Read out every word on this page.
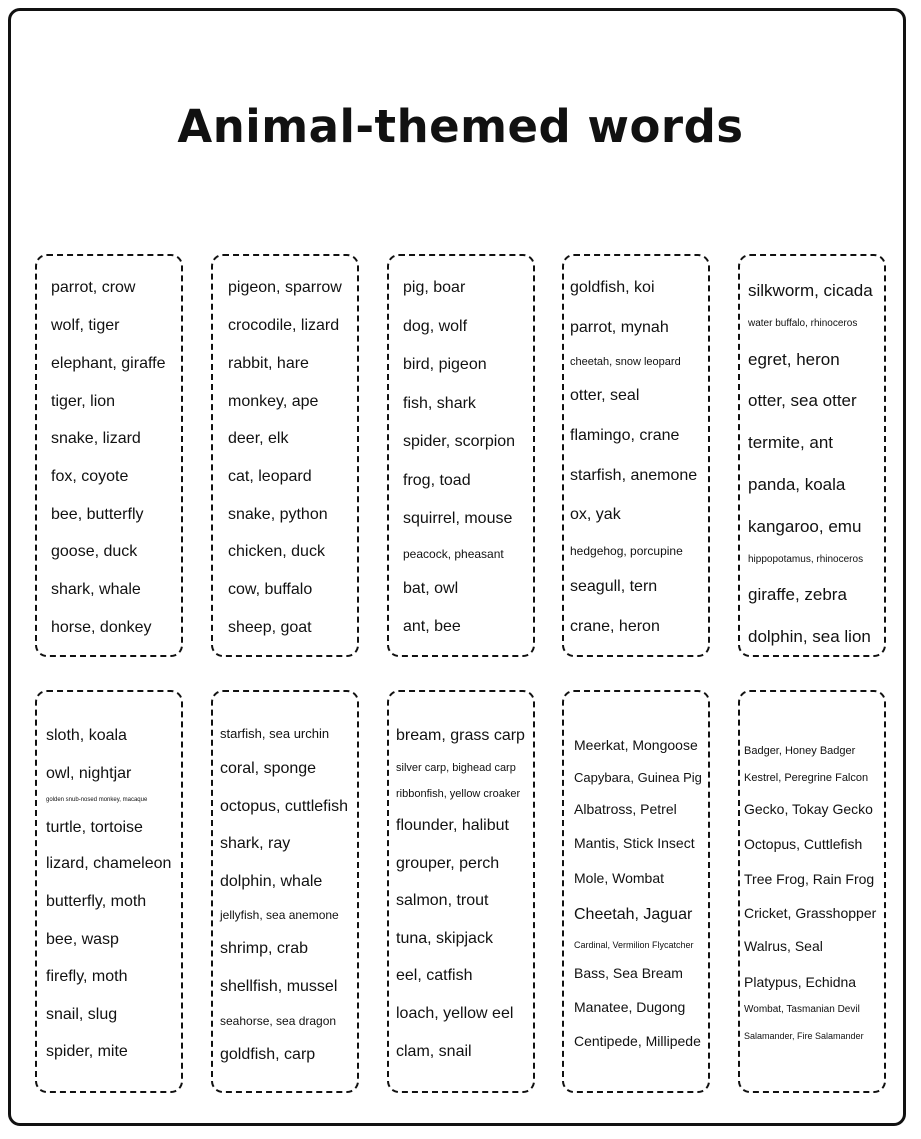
Animal-themed words
parrot, crow
wolf, tiger
elephant, giraffe
tiger, lion
snake, lizard
fox, coyote
bee, butterfly
goose, duck
shark, whale
horse, donkey
pigeon, sparrow
crocodile, lizard
rabbit, hare
monkey, ape
deer, elk
cat, leopard
snake, python
chicken, duck
cow, buffalo
sheep, goat
pig, boar
dog, wolf
bird, pigeon
fish, shark
spider, scorpion
frog, toad
squirrel, mouse
peacock, pheasant
bat, owl
ant, bee
goldfish, koi
parrot, mynah
cheetah, snow leopard
otter, seal
flamingo, crane
starfish, anemone
ox, yak
hedgehog, porcupine
seagull, tern
crane, heron
silkworm, cicada
water buffalo, rhinoceros
egret, heron
otter, sea otter
termite, ant
panda, koala
kangaroo, emu
hippopotamus, rhinoceros
giraffe, zebra
dolphin, sea lion
sloth, koala
owl, nightjar
golden snub-nosed monkey, macaque
turtle, tortoise
lizard, chameleon
butterfly, moth
bee, wasp
firefly, moth
snail, slug
spider, mite
starfish, sea urchin
coral, sponge
octopus, cuttlefish
shark, ray
dolphin, whale
jellyfish, sea anemone
shrimp, crab
shellfish, mussel
seahorse, sea dragon
goldfish, carp
bream, grass carp
silver carp, bighead carp
ribbonfish, yellow croaker
flounder, halibut
grouper, perch
salmon, trout
tuna, skipjack
eel, catfish
loach, yellow eel
clam, snail
Meerkat, Mongoose
Capybara, Guinea Pig
Albatross, Petrel
Mantis, Stick Insect
Mole, Wombat
Cheetah, Jaguar
Cardinal, Vermilion Flycatcher
Bass, Sea Bream
Manatee, Dugong
Centipede, Millipede
Badger, Honey Badger
Kestrel, Peregrine Falcon
Gecko, Tokay Gecko
Octopus, Cuttlefish
Tree Frog, Rain Frog
Cricket, Grasshopper
Walrus, Seal
Platypus, Echidna
Wombat, Tasmanian Devil
Salamander, Fire Salamander
